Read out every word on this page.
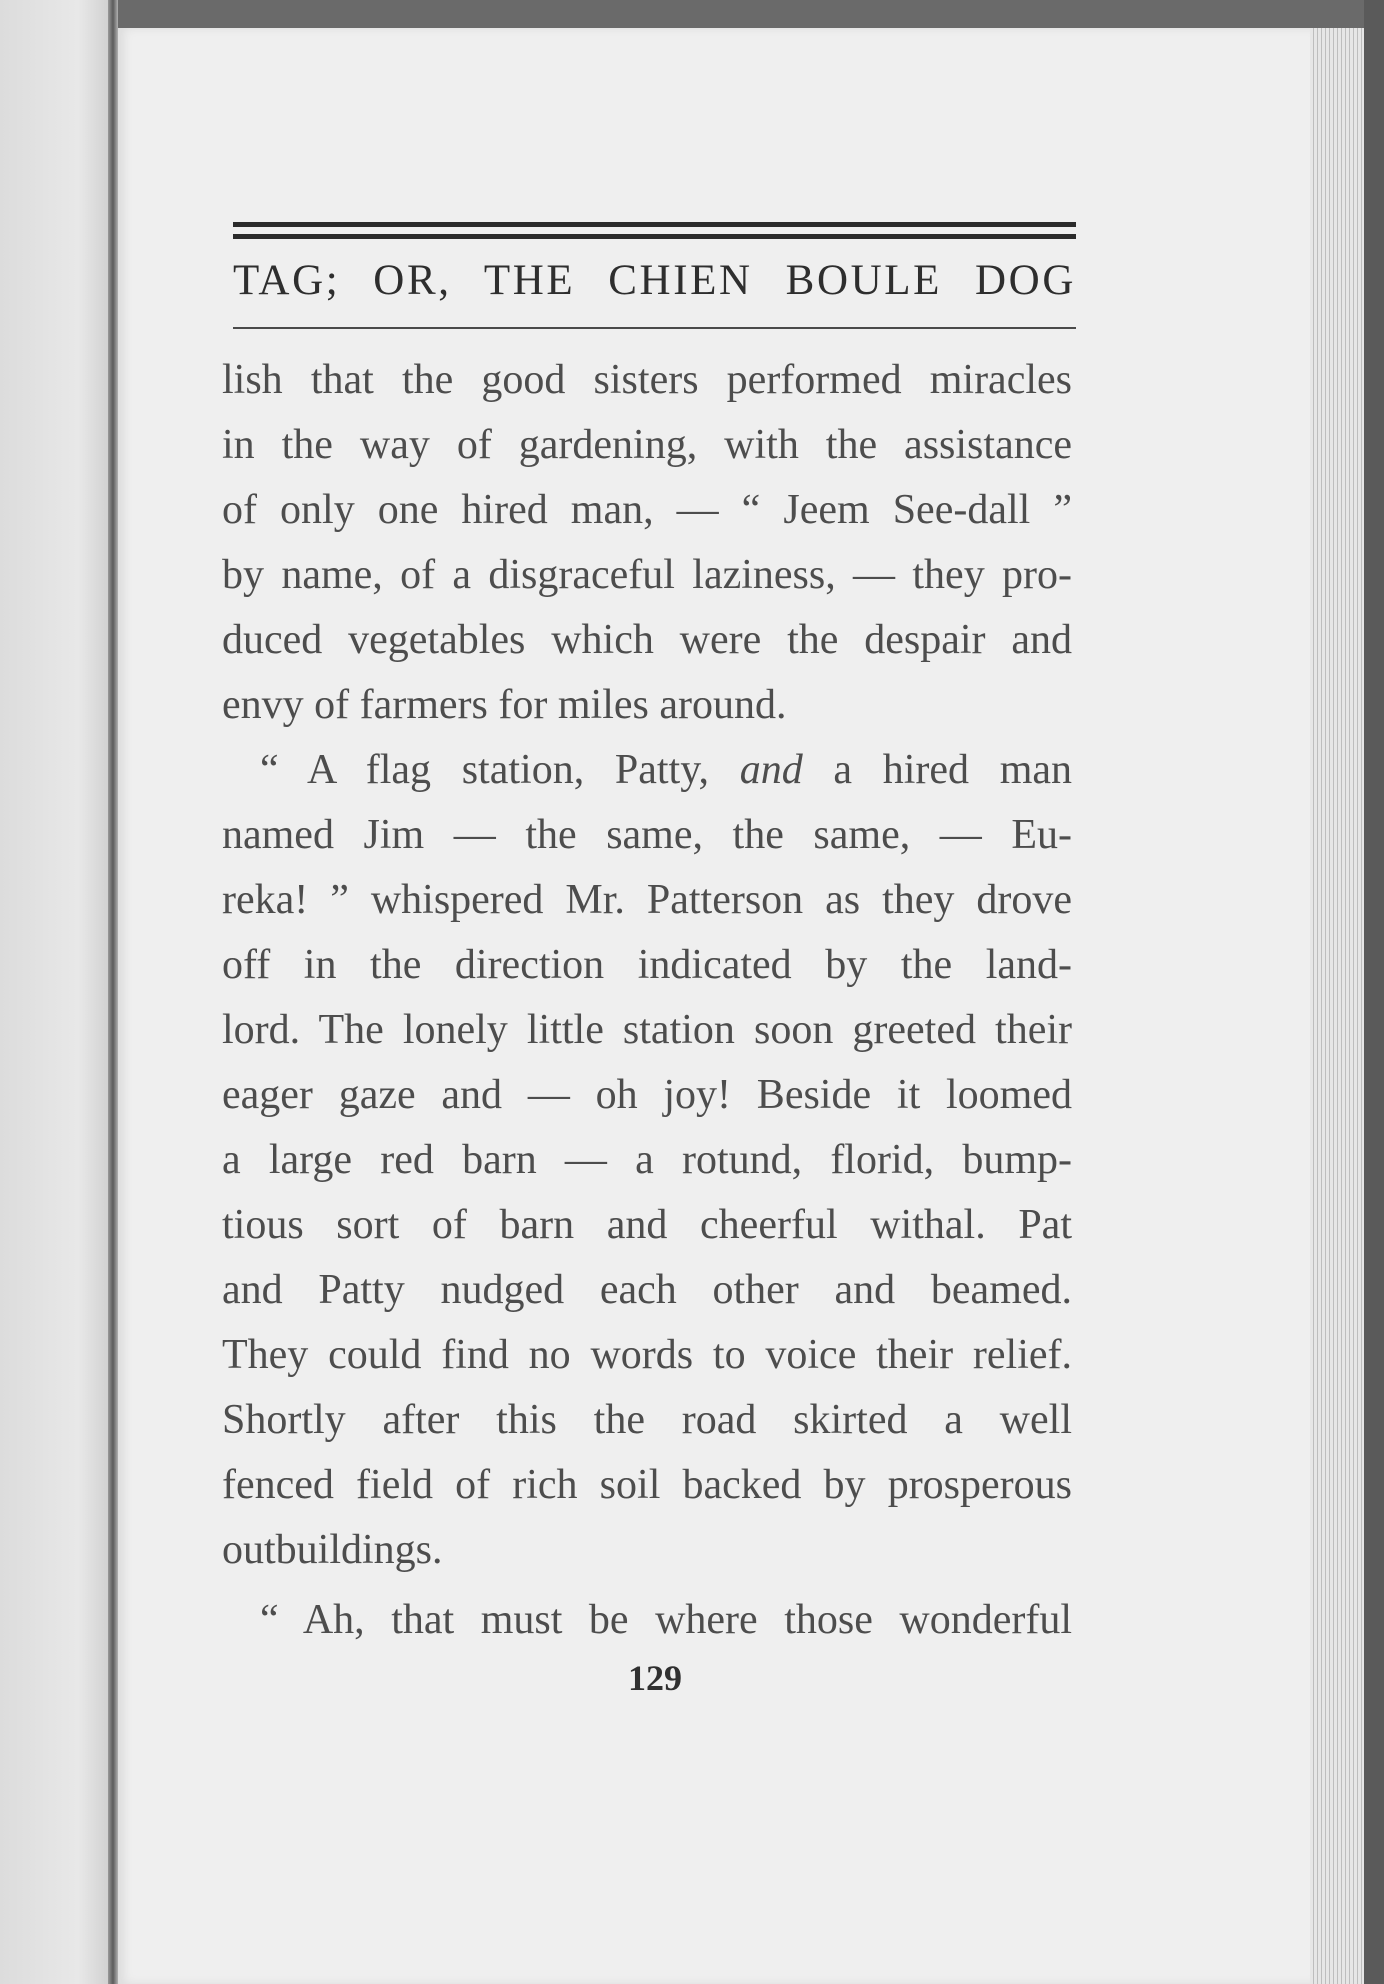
TAG; OR, THE CHIEN BOULE DOG
lish that the good sisters performed miracles
in the way of gardening, with the assistance
of only one hired man, — “ Jeem See-dall ”
by name, of a disgraceful laziness, — they pro-
duced vegetables which were the despair and
envy of farmers for miles around.
“ A flag station, Patty, and a hired man
named Jim — the same, the same, — Eu-
reka! ” whispered Mr. Patterson as they drove
off in the direction indicated by the land-
lord. The lonely little station soon greeted their
eager gaze and — oh joy! Beside it loomed
a large red barn — a rotund, florid, bump-
tious sort of barn and cheerful withal. Pat
and Patty nudged each other and beamed.
They could find no words to voice their relief.
Shortly after this the road skirted a well
fenced field of rich soil backed by prosperous
outbuildings.
“ Ah, that must be where those wonderful

129
